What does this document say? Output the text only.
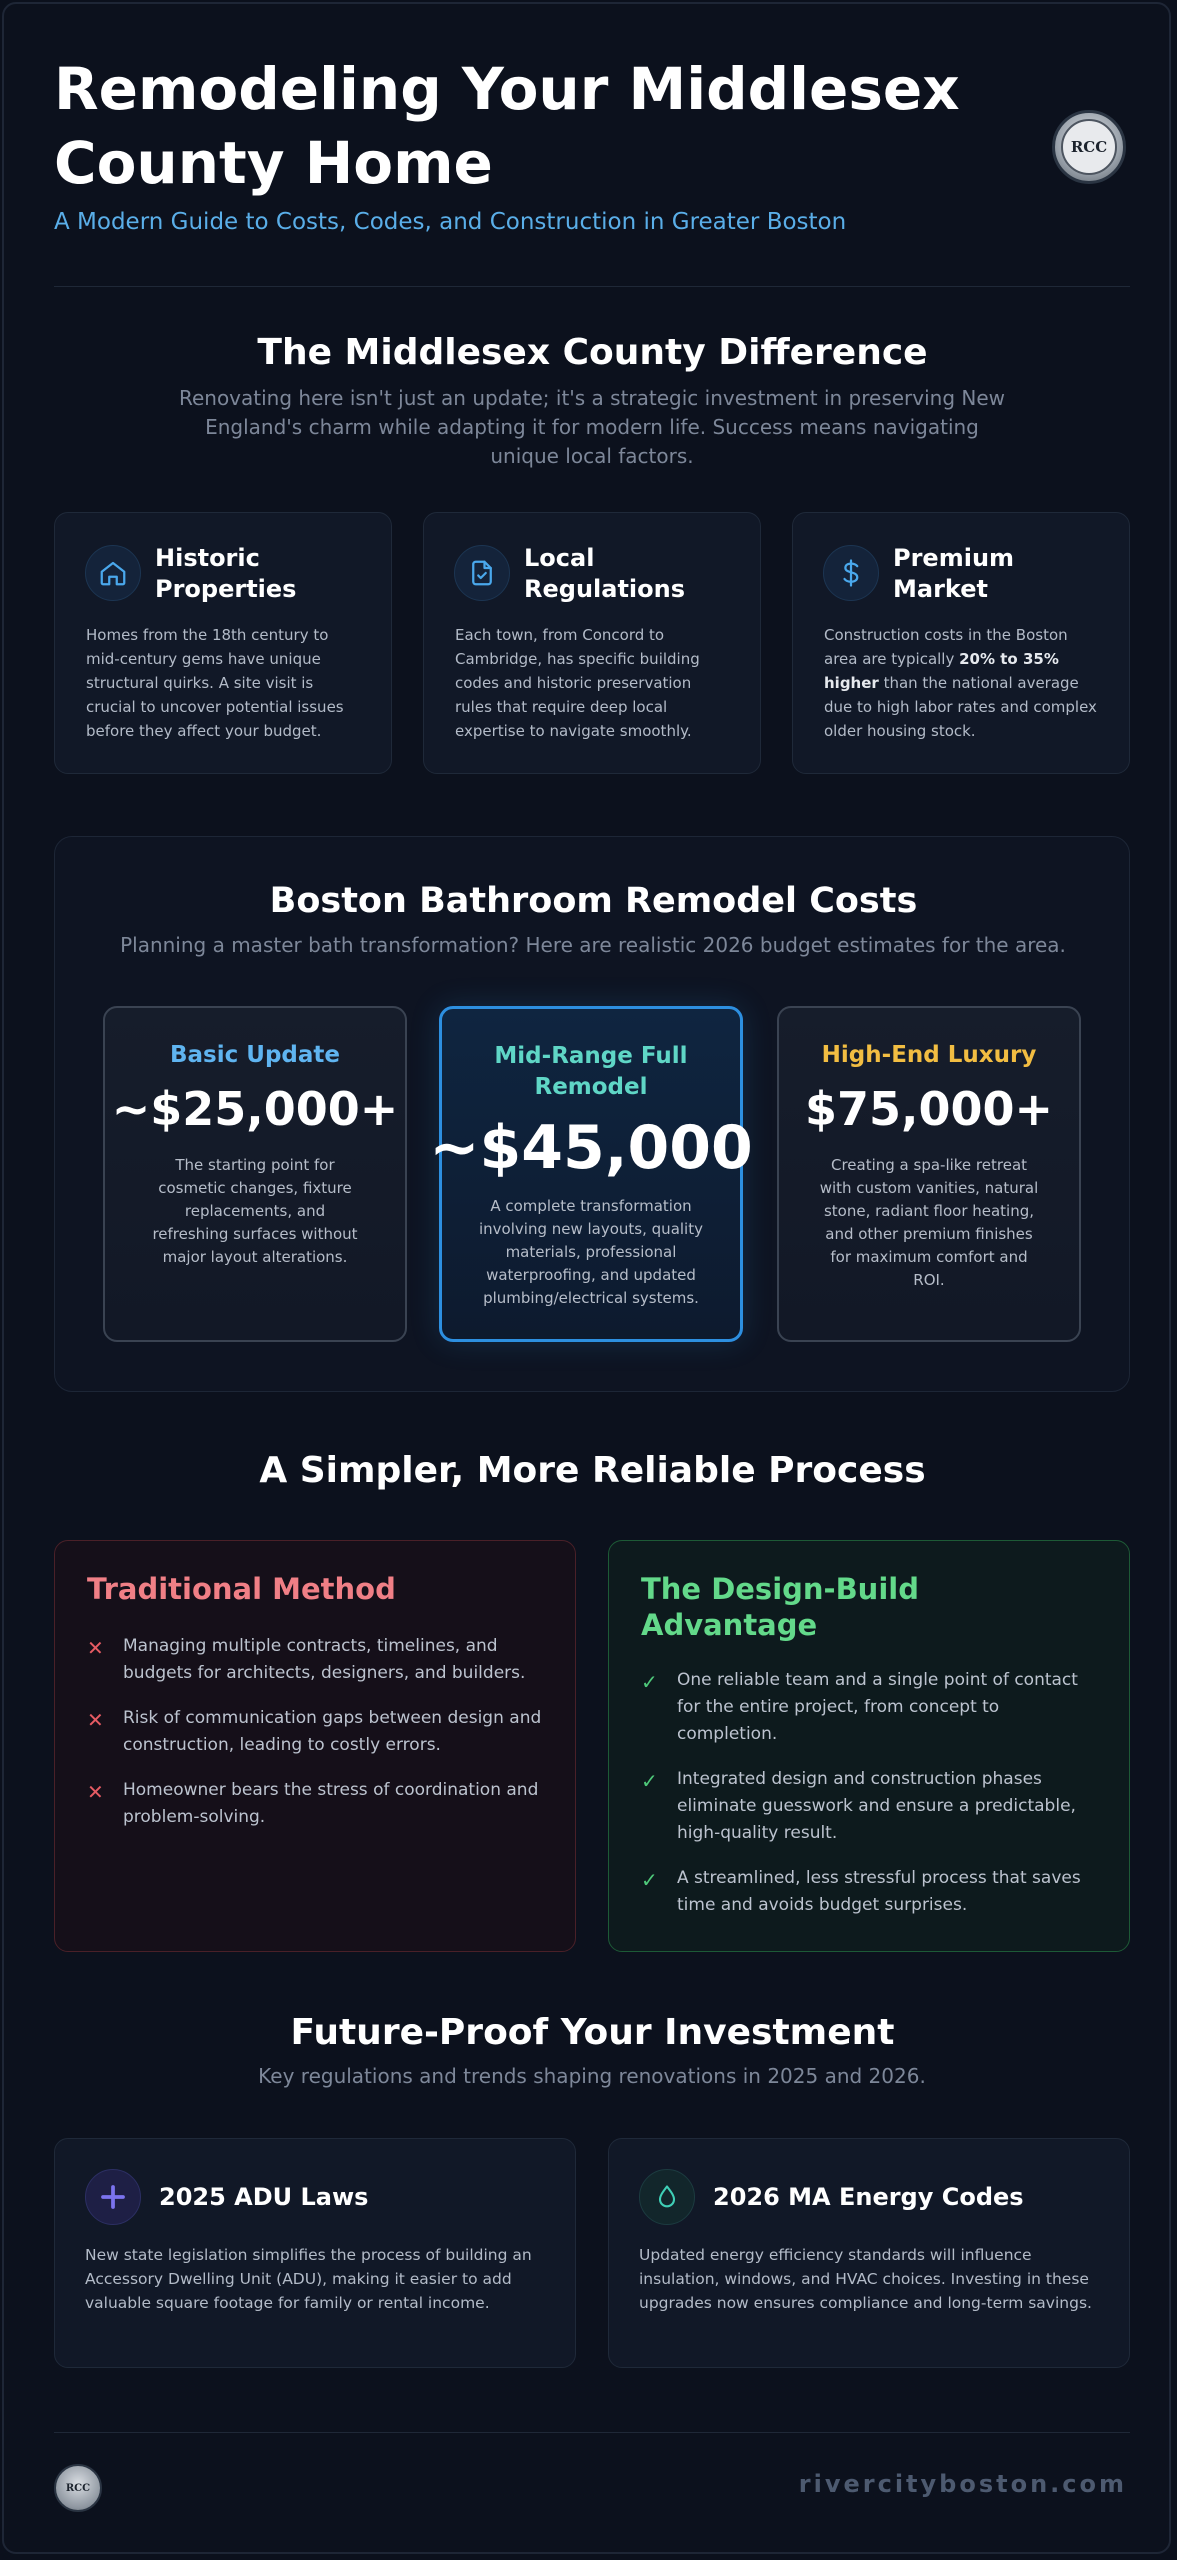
Remodeling Your Middlesex County Home

A Modern Guide to Costs, Codes, and Construction in Greater Boston

RCC
The Middlesex County Difference

Renovating here isn't just an update; it's a strategic investment in preserving New England's charm while adapting it for modern life. Success means navigating unique local factors.

Historic Properties

Homes from the 18th century to mid-century gems have unique structural quirks. A site visit is crucial to uncover potential issues before they affect your budget.

Local Regulations

Each town, from Concord to Cambridge, has specific building codes and historic preservation rules that require deep local expertise to navigate smoothly.

Premium Market

Construction costs in the Boston area are typically 20% to 35% higher than the national average due to high labor rates and complex older housing stock.

Boston Bathroom Remodel Costs

Planning a master bath transformation? Here are realistic 2026 budget estimates for the area.

Basic Update

~$25,000+

The starting point for cosmetic changes, fixture replacements, and refreshing surfaces without major layout alterations.

Mid-Range Full Remodel

~$45,000

A complete transformation involving new layouts, quality materials, professional waterproofing, and updated plumbing/electrical systems.

High-End Luxury

$75,000+

Creating a spa-like retreat with custom vanities, natural stone, radiant floor heating, and other premium finishes for maximum comfort and ROI.

A Simpler, More Reliable Process
Traditional Method
✕ Managing multiple contracts, timelines, and budgets for architects, designers, and builders.
✕ Risk of communication gaps between design and construction, leading to costly errors.
✕ Homeowner bears the stress of coordination and problem-solving.
The Design-Build Advantage
✓ One reliable team and a single point of contact for the entire project, from concept to completion.
✓ Integrated design and construction phases eliminate guesswork and ensure a predictable, high-quality result.
✓ A streamlined, less stressful process that saves time and avoids budget surprises.
Future-Proof Your Investment

Key regulations and trends shaping renovations in 2025 and 2026.

2025 ADU Laws

New state legislation simplifies the process of building an Accessory Dwelling Unit (ADU), making it easier to add valuable square footage for family or rental income.

2026 MA Energy Codes

Updated energy efficiency standards will influence insulation, windows, and HVAC choices. Investing in these upgrades now ensures compliance and long-term savings.

RCC	rivercityboston.com
